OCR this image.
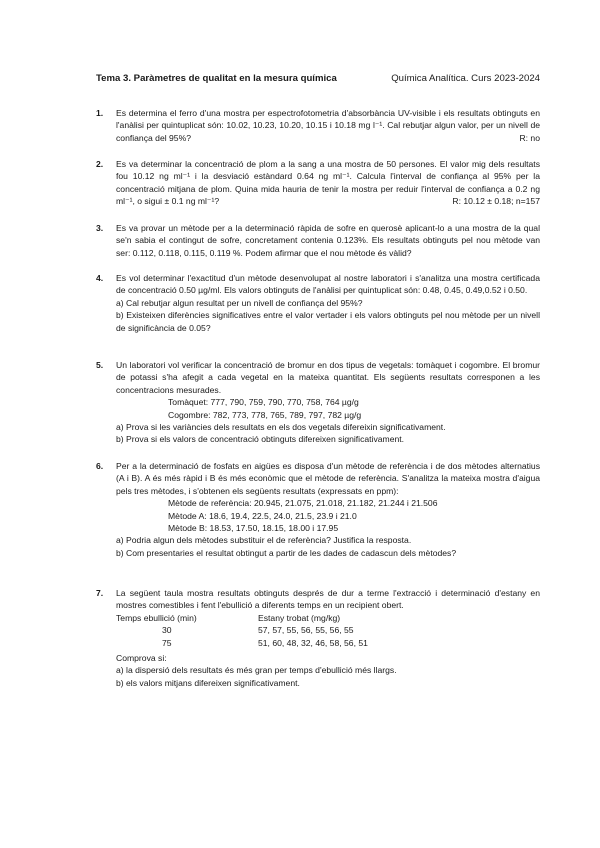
Tema 3. Paràmetres de qualitat en la mesura química	Química Analítica. Curs 2023-2024
1. Es determina el ferro d'una mostra per espectrofotometria d'absorbància UV-visible i els resultats obtinguts en l'anàlisi per quintuplicat són: 10.02, 10.23, 10.20, 10.15 i 10.18 mg l⁻¹. Cal rebutjar algun valor, per un nivell de confiança del 95%?	R: no
2. Es va determinar la concentració de plom a la sang a una mostra de 50 persones. El valor mig dels resultats fou 10.12 ng ml⁻¹ i la desviació estàndard 0.64 ng ml⁻¹. Calcula l'interval de confiança al 95% per la concentració mitjana de plom. Quina mida hauria de tenir la mostra per reduir l'interval de confiança a 0.2 ng ml⁻¹, o sigui ± 0.1 ng ml⁻¹?	R: 10.12 ± 0.18; n=157
3. Es va provar un mètode per a la determinació ràpida de sofre en querosè aplicant-lo a una mostra de la qual se'n sabia el contingut de sofre, concretament contenia 0.123%. Els resultats obtinguts pel nou mètode van ser: 0.112, 0.118, 0.115, 0.119 %. Podem afirmar que el nou mètode és vàlid?

4. Es vol determinar l'exactitud d'un mètode desenvolupat al nostre laboratori i s'analitza una mostra certificada de concentració 0.50 µg/ml. Els valors obtinguts de l'anàlisi per quintuplicat són: 0.48, 0.45, 0.49,0.52 i 0.50.

a) Cal rebutjar algun resultat per un nivell de confiança del 95%?

b) Existeixen diferències significatives entre el valor vertader i els valors obtinguts pel nou mètode per un nivell de significància de 0.05?

5. Un laboratori vol verificar la concentració de bromur en dos tipus de vegetals: tomàquet i cogombre. El bromur de potassi s'ha afegit a cada vegetal en la mateixa quantitat. Els següents resultats corresponen a les concentracions mesurades.

Tomàquet: 777, 790, 759, 790, 770, 758, 764 µg/g

Cogombre: 782, 773, 778, 765, 789, 797, 782 µg/g

a) Prova si les variàncies dels resultats en els dos vegetals difereixin significativament.

b) Prova si els valors de concentració obtinguts difereixen significativament.

6. Per a la determinació de fosfats en aigües es disposa d'un mètode de referència i de dos mètodes alternatius (A i B). A és més ràpid i B és més econòmic que el mètode de referència. S'analitza la mateixa mostra d'aigua pels tres mètodes, i s'obtenen els següents resultats (expressats en ppm):

Mètode de referència: 20.945, 21.075, 21.018, 21.182, 21.244 i 21.506

Mètode A: 18.6, 19.4, 22.5, 24.0, 21.5, 23.9 i 21.0

Mètode B: 18.53, 17.50, 18.15, 18.00 i 17.95

a) Podria algun dels mètodes substituir el de referència? Justifica la resposta.

b) Com presentaries el resultat obtingut a partir de les dades de cadascun dels mètodes?

7. La següent taula mostra resultats obtinguts després de dur a terme l'extracció i determinació d'estany en mostres comestibles i fent l'ebullició a diferents temps en un recipient obert.

Temps ebullició (min)	Estany trobat (mg/kg)
30	57, 57, 55, 56, 55, 56, 55
75	51, 60, 48, 32, 46, 58, 56, 51

Comprova si:

a) la dispersió dels resultats és més gran per temps d'ebullició més llargs.

b) els valors mitjans difereixen significativament.
